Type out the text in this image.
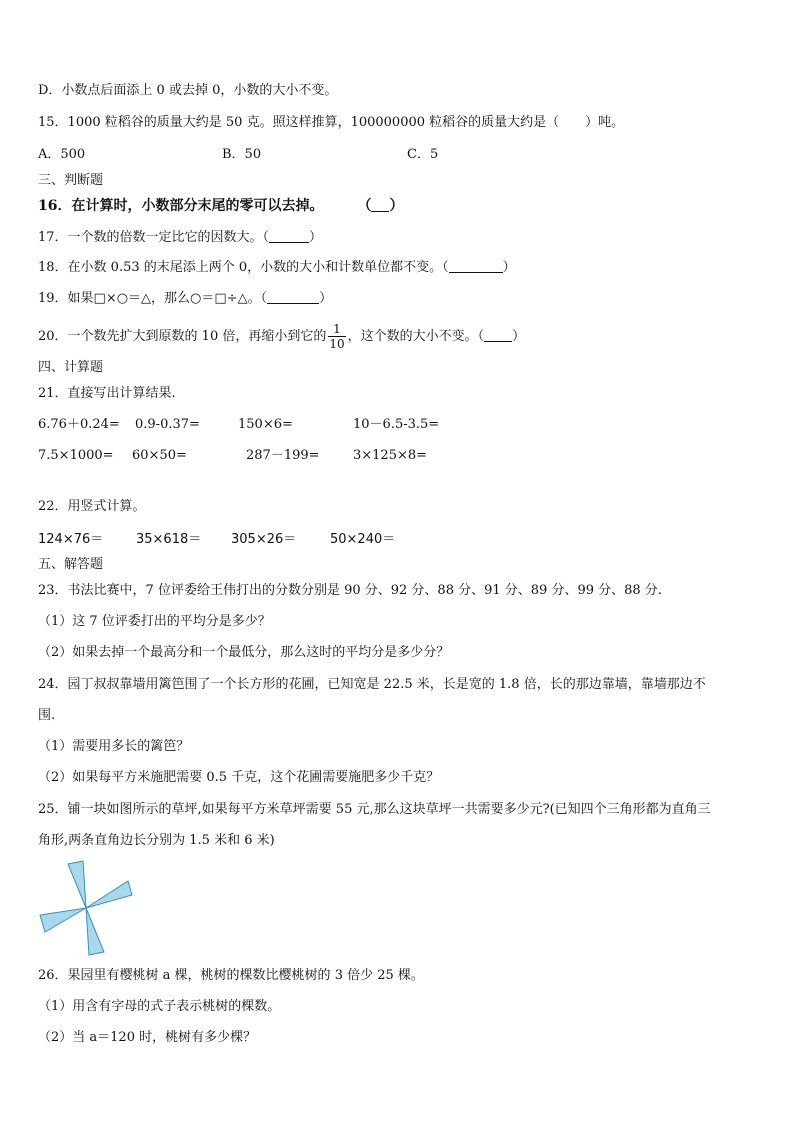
D．小数点后面添上 0 或去掉 0，小数的大小不变。
15．1000 粒稻谷的质量大约是 50 克。照这样推算，100000000 粒稻谷的质量大约是（ ）吨。
A．500	B．50	C．5
三、判断题
16．在计算时，小数部分末尾的零可以去掉。 （ ）
17．一个数的倍数一定比它的因数大。（	）
18．在小数 0.53 的末尾添上两个 0，小数的大小和计数单位都不变。（	）
19．如果□×○＝△，那么○＝□÷△。（	）
20．一个数先扩大到原数的 10 倍，再缩小到它的 $\frac{1}{10}$ ，这个数的大小不变。（ ）
四、计算题
21．直接写出计算结果.
6.76＋0.24= 0.9-0.37=	150×6=	10－6.5-3.5=
7.5×1000= 60×50=	287－199=	3×125×8=
22．用竖式计算。
124×76＝	35×618＝ 305×26＝	50×240＝
五、解答题
23．书法比赛中，7 位评委给王伟打出的分数分别是 90 分、92 分、88 分、91 分、89 分、99 分、88 分.
（1）这 7 位评委打出的平均分是多少？
（2）如果去掉一个最高分和一个最低分，那么这时的平均分是多少分？
24．园丁叔叔靠墙用篱笆围了一个长方形的花圃，已知宽是 22.5 米，长是宽的 1.8 倍，长的那边靠墙，靠墙那边不
围.
（1）需要用多长的篱笆？
（2）如果每平方米施肥需要 0.5 千克，这个花圃需要施肥多少千克？
25．铺一块如图所示的草坪,如果每平方米草坪需要 55 元,那么这块草坪一共需要多少元?(已知四个三角形都为直角三
角形,两条直角边长分别为 1.5 米和 6 米)
26．果园里有樱桃树 a 棵，桃树的棵数比樱桃树的 3 倍少 25 棵。
（1）用含有字母的式子表示桃树的棵数。
（2）当 a＝120 时，桃树有多少棵？
